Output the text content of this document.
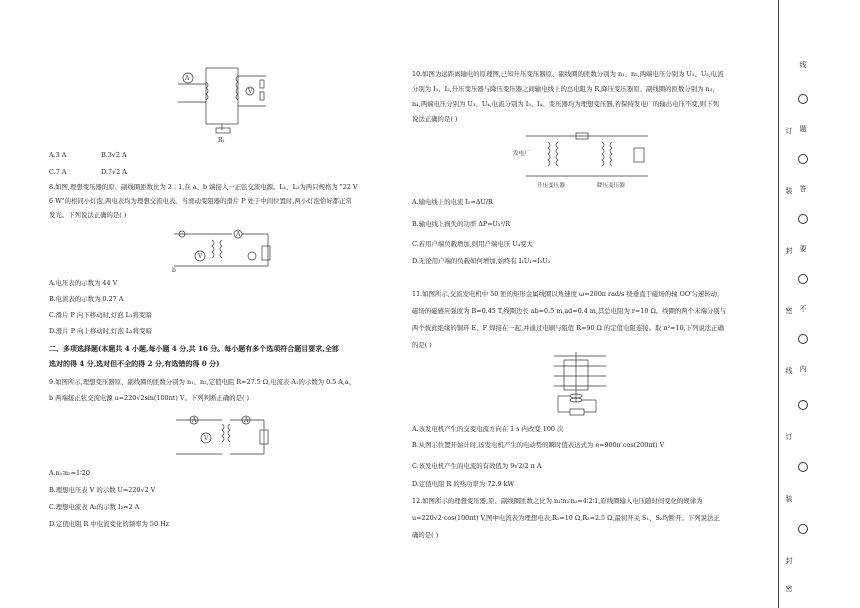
A
V
R₁
A.3 A	B.3√2 A
C.7 A	D.7√2 A
8.如图,理想变压器的原、副线圈匝数比为 2∶1,在 a、b 端接入一正弦交流电源。L₁、L₂为两只规格为 "22 V
6 W"的相同小灯泡,两电表均为理想交流电表。当滑动变阻器的滑片 P 处于中间位置时,两小灯泡恰好都正常
发光。下列说法正确的是( )
V
A
b
A.电压表的示数为 44 V
B.电流表的示数为 0.27 A
C.滑片 P 向下移动时,灯泡 L₁将变暗
D.滑片 P 向上移动时,灯泡 L₂将变暗
二、多项选择题(本题共 4 小题,每小题 4 分,共 16 分。每小题有多个选项符合题目要求,全部
选对的得 4 分,选对但不全的得 2 分,有选错的得 0 分)
9.如图所示,理想变压器原、副线圈的匝数分别为 n₁、n₂,定值电阻 R=27.5 Ω,电流表 A₁的示数为 0.5 A,a、
b 两端接正弦交流电源 u=220√2sin(100πt) V。下列判断正确的是( )
A
V
A
A.n₁∶n₂=1∶20
B.理想电压表 V 的示数 U=220√2 V
C.理想电流表 A₂的示数 I₂=2 A
D.定值电阻 R 中电流变化的频率为 50 Hz
10.如图为远距离输电的原理图,已知升压变压器原、副线圈的匝数分别为 n₁、n₂,两端电压分别为 U₁、U₂,电流
分别为 I₁、I₂,升压变压器与降压变压器之间输电线上的总电阻为 R,降压变压器原、副线圈的匝数分别为 n₃、
n₄,两端电压分别为 U₃、U₄,电流分别为 I₃、I₄。变压器均为理想变压器,若保持发电厂的输出电压不变,则下列
说法正确的是( )
发电厂
升压变压器	降压变压器
A.输电线上的电流 I₂=ΔU/R
B.输电线上损失的功率 ΔP=U₂²/R
C.若用户端负载增加,则用户端电压 U₄变大
D.无论用户端的负载如何增加,始终有 I₁U₁=I₂U₂
11.如图所示,交流发电机中 50 匝的矩形金属线圈以角速度 ω=200π rad/s 绕垂直于磁场的轴 OO′匀速转动,
磁场的磁感应强度为 B=0.45 T,线圈边长 ab=0.5 m,ad=0.4 m,其总电阻为 r=10 Ω。线圈的两个末端分别与
两个彼此绝缘的铜环 E、F 焊接在一起,并通过电刷与阻值 R=90 Ω 的定值电阻连接。取 π²=10,下列说法正确
的是( )
A.该发电机产生的交变电流方向在 1 s 内改变 100 次
B.从图示位置开始计时,该发电机产生的电动势的瞬时值表达式为 e=900π cos(200πt) V
C.该发电机产生的电流的有效值为 9√2/2 π A
D.定值电阻 R 的热功率为 72.9 kW
12.如图所示的理想变压器,原、副线圈匝数之比为 n₁∶n₂∶n₃=4∶2∶1,原线圈输入电压随时间变化的规律为
u=220√2·cos(100πt) V,图中电流表为理想电表,R₁=10 Ω,R₂=2.5 Ω,最初开关 S₁、S₂均断开。下列说法正
确的是( )
线
题
订
答
装
要
封
不
密
内
线
订
装
封
密
